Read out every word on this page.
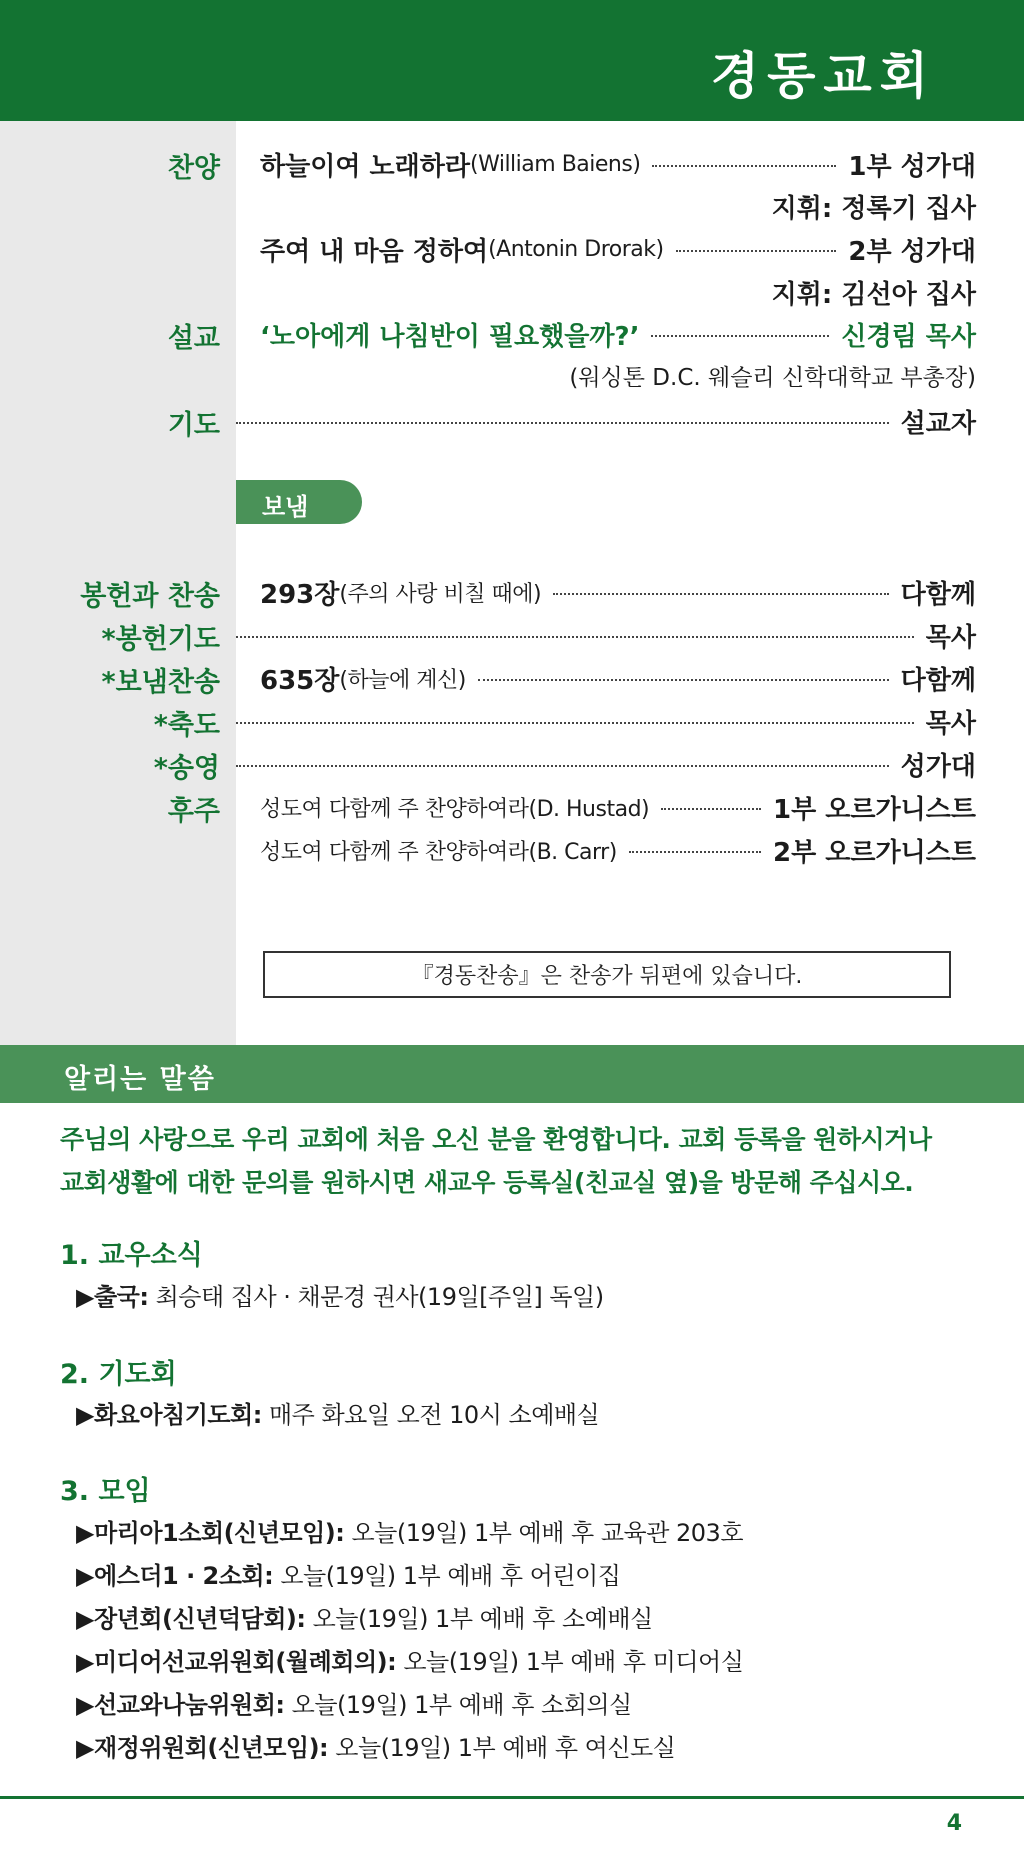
경동교회
찬양 하늘이여 노래하라 (William Baiens)	1부 성가대
지휘: 정록기 집사
주여 내 마음 정하여 (Antonin Drorak)	2부 성가대
지휘: 김선아 집사
설교 ‘노아에게 나침반이 필요했을까?’	신경림 목사
(워싱톤 D.C. 웨슬리 신학대학교 부총장)
기도	설교자
보냄
봉헌과 찬송 293장 (주의 사랑 비칠 때에)	다함께
*봉헌기도	목사
*보냄찬송 635장 (하늘에 계신)	다함께
*축도	목사
*송영	성가대
후주 성도여 다함께 주 찬양하여라(D. Hustad)	1부 오르가니스트
성도여 다함께 주 찬양하여라(B. Carr)	2부 오르가니스트
『경동찬송』은 찬송가 뒤편에 있습니다.
알리는 말씀
주님의 사랑으로 우리 교회에 처음 오신 분을 환영합니다. 교회 등록을 원하시거나
교회생활에 대한 문의를 원하시면 새교우 등록실(친교실 옆)을 방문해 주십시오.
1. 교우소식
▶출국: 최승태 집사 · 채문경 권사(19일[주일] 독일)
2. 기도회
▶화요아침기도회: 매주 화요일 오전 10시 소예배실
3. 모임
▶마리아1소회(신년모임): 오늘(19일) 1부 예배 후 교육관 203호
▶에스더1 · 2소회: 오늘(19일) 1부 예배 후 어린이집
▶장년회(신년덕담회): 오늘(19일) 1부 예배 후 소예배실
▶미디어선교위원회(월례회의): 오늘(19일) 1부 예배 후 미디어실
▶선교와나눔위원회: 오늘(19일) 1부 예배 후 소회의실
▶재정위원회(신년모임): 오늘(19일) 1부 예배 후 여신도실
4
